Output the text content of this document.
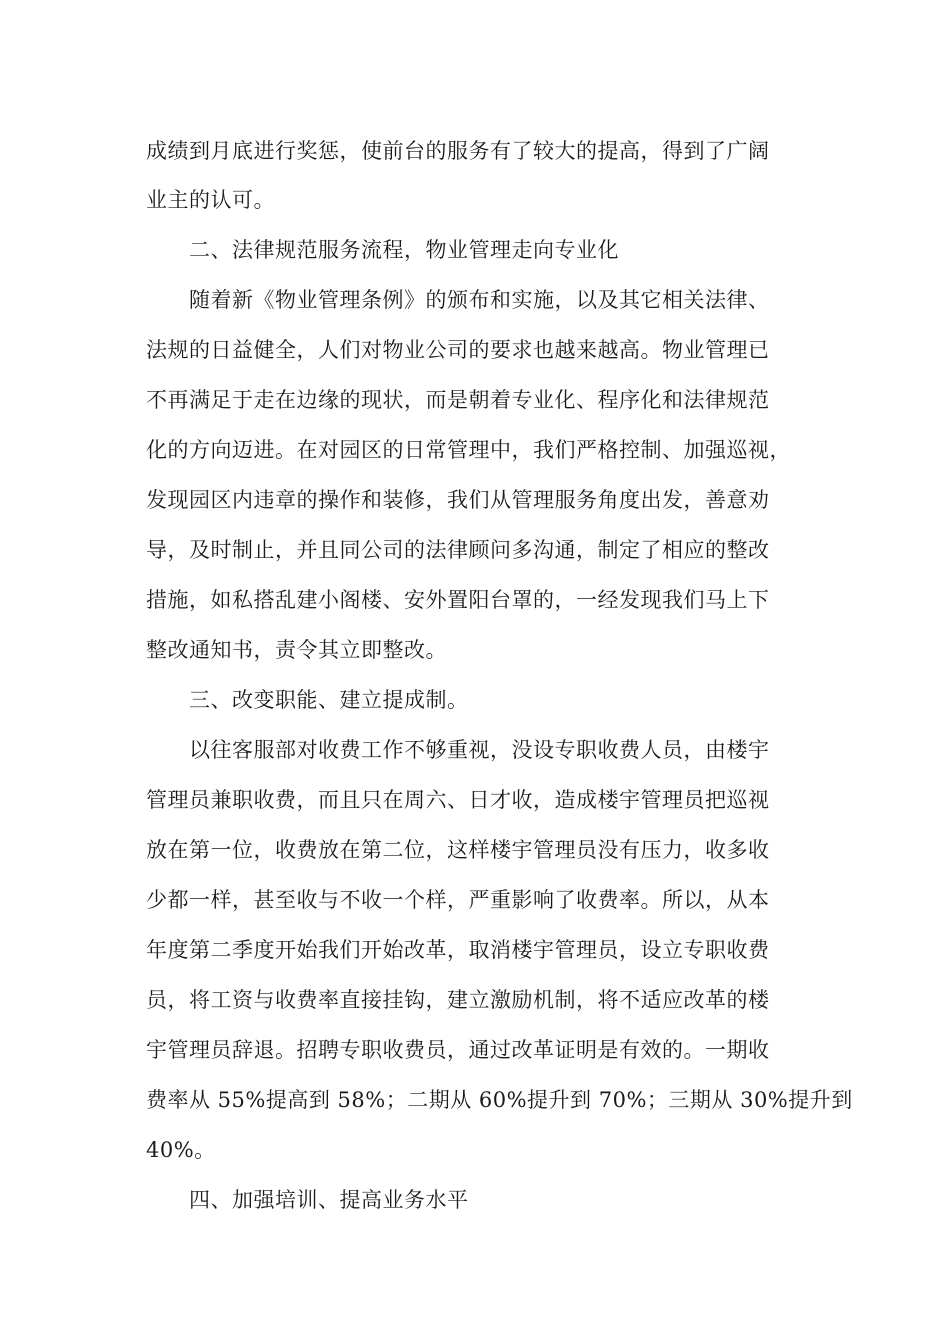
成绩到月底进行奖惩，使前台的服务有了较大的提高，得到了广阔
业主的认可。
二、法律规范服务流程，物业管理走向专业化
随着新《物业管理条例》的颁布和实施，以及其它相关法律、
法规的日益健全，人们对物业公司的要求也越来越高。物业管理已
不再满足于走在边缘的现状，而是朝着专业化、程序化和法律规范
化的方向迈进。在对园区的日常管理中，我们严格控制、加强巡视，
发现园区内违章的操作和装修，我们从管理服务角度出发，善意劝
导，及时制止，并且同公司的法律顾问多沟通，制定了相应的整改
措施，如私搭乱建小阁楼、安外置阳台罩的，一经发现我们马上下
整改通知书，责令其立即整改。
三、改变职能、建立提成制。
以往客服部对收费工作不够重视，没设专职收费人员，由楼宇
管理员兼职收费，而且只在周六、日才收，造成楼宇管理员把巡视
放在第一位，收费放在第二位，这样楼宇管理员没有压力，收多收
少都一样，甚至收与不收一个样，严重影响了收费率。所以，从本
年度第二季度开始我们开始改革，取消楼宇管理员，设立专职收费
员，将工资与收费率直接挂钩，建立激励机制，将不适应改革的楼
宇管理员辞退。招聘专职收费员，通过改革证明是有效的。一期收
费率从 55%提高到 58%；二期从 60%提升到 70%；三期从 30%提升到
40%。
四、加强培训、提高业务水平
